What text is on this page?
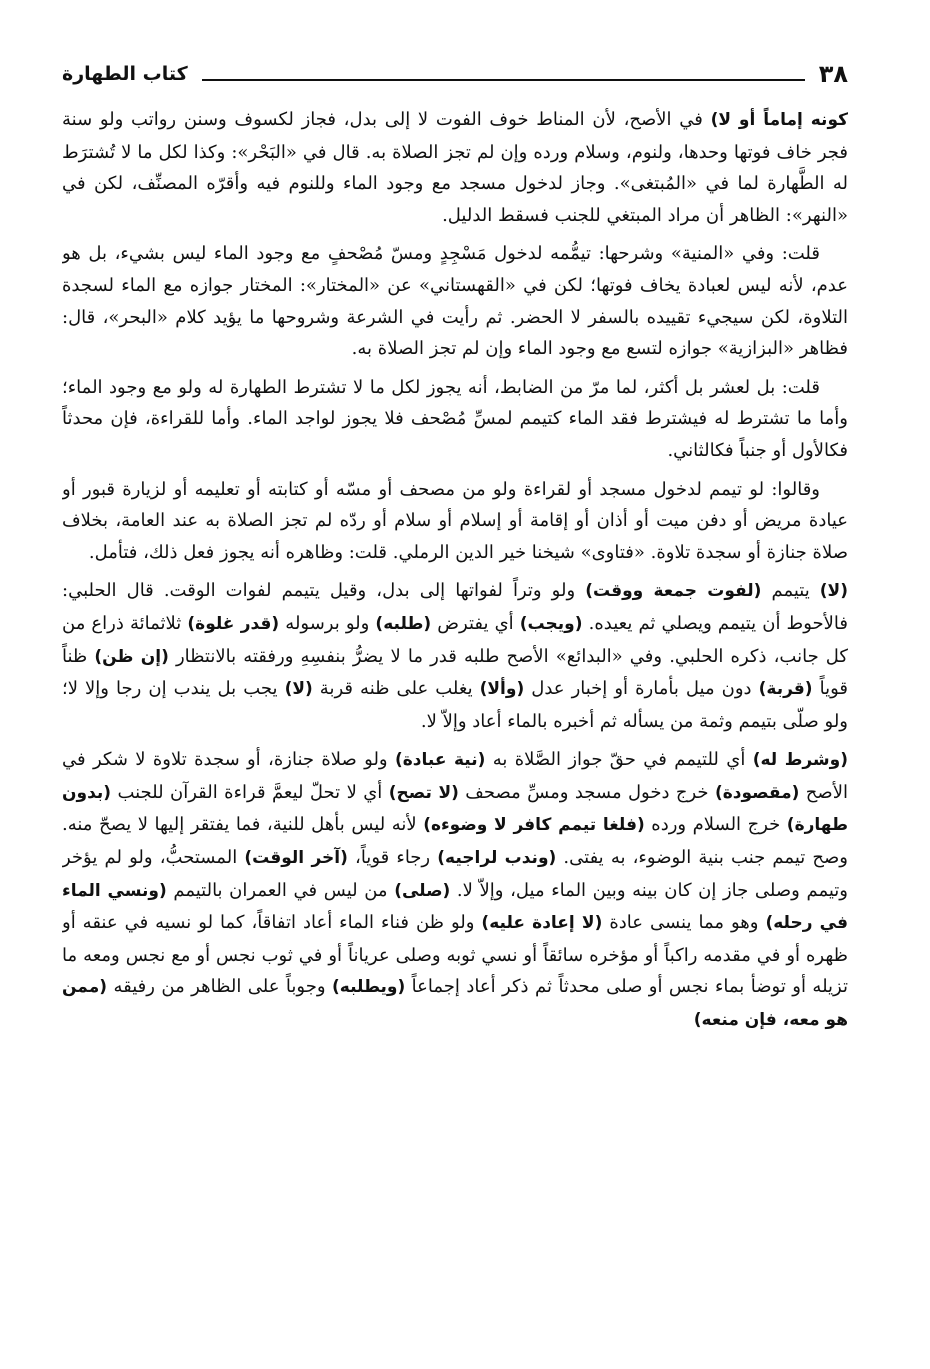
٣٨
كتاب الطهارة

كونه إماماً أو لا) في الأصح، لأن المناط خوف الفوت لا إلى بدل، فجاز لكسوف وسنن رواتب ولو سنة فجر خاف فوتها وحدها، ولنوم، وسلام ورده وإن لم تجز الصلاة به. قال في «البَحْر»: وكذا لكل ما لا تُشترَط له الطَّهارة لما في «المُبتغى». وجاز لدخول مسجد مع وجود الماء وللنوم فيه وأقرّه المصنِّف، لكن في «النهر»: الظاهر أن مراد المبتغي للجنب فسقط الدليل.

قلت: وفي «المنية» وشرحها: تيمُّمه لدخول مَسْجِدٍ ومسّ مُصْحفٍ مع وجود الماء ليس بشيء، بل هو عدم، لأنه ليس لعبادة يخاف فوتها؛ لكن في «القهستاني» عن «المختار»: المختار جوازه مع الماء لسجدة التلاوة، لكن سيجيء تقييده بالسفر لا الحضر. ثم رأيت في الشرعة وشروحها ما يؤيد كلام «البحر»، قال: فظاهر «البزازية» جوازه لتسع مع وجود الماء وإن لم تجز الصلاة به.

قلت: بل لعشر بل أكثر، لما مرّ من الضابط، أنه يجوز لكل ما لا تشترط الطهارة له ولو مع وجود الماء؛ وأما ما تشترط له فيشترط فقد الماء كتيمم لمسِّ مُصْحف فلا يجوز لواجد الماء. وأما للقراءة، فإن محدثاً فكالأول أو جنباً فكالثاني.

وقالوا: لو تيمم لدخول مسجد أو لقراءة ولو من مصحف أو مسّه أو كتابته أو تعليمه أو لزيارة قبور أو عيادة مريض أو دفن ميت أو أذان أو إقامة أو إسلام أو سلام أو ردّه لم تجز الصلاة به عند العامة، بخلاف صلاة جنازة أو سجدة تلاوة. «فتاوى» شيخنا خير الدين الرملي. قلت: وظاهره أنه يجوز فعل ذلك، فتأمل.

(لا) يتيمم (لفوت جمعة ووقت) ولو وتراً لفواتها إلى بدل، وقيل يتيمم لفوات الوقت. قال الحلبي: فالأحوط أن يتيمم ويصلي ثم يعيده. (ويجب) أي يفترض (طلبه) ولو برسوله (قدر غلوة) ثلاثمائة ذراع من كل جانب، ذكره الحلبي. وفي «البدائع» الأصح طلبه قدر ما لا يضرُّ بنفسِهِ ورفقته بالانتظار (إن ظن) ظناً قوياً (قربة) دون ميل بأمارة أو إخبار عدل (وألا) يغلب على ظنه قربة (لا) يجب بل يندب إن رجا وإلا لا؛ ولو صلّى بتيمم وثمة من يسأله ثم أخبره بالماء أعاد وإلاّ لا.

(وشرط له) أي للتيمم في حقّ جواز الصَّلاة به (نية عبادة) ولو صلاة جنازة، أو سجدة تلاوة لا شكر في الأصح (مقصودة) خرج دخول مسجد ومسِّ مصحف (لا تصح) أي لا تحلّ ليعمَّ قراءة القرآن للجنب (بدون طهارة) خرج السلام ورده (فلغا تيمم كافر لا وضوءه) لأنه ليس بأهل للنية، فما يفتقر إليها لا يصحّ منه. وصح تيمم جنب بنية الوضوء، به يفتى. (وندب لراجيه) رجاء قوياً، (آخر الوقت) المستحبُّ، ولو لم يؤخر وتيمم وصلى جاز إن كان بينه وبين الماء ميل، وإلاّ لا. (صلى) من ليس في العمران بالتيمم (ونسي الماء في رحله) وهو مما ينسى عادة (لا إعادة عليه) ولو ظن فناء الماء أعاد اتفاقاً، كما لو نسيه في عنقه أو ظهره أو في مقدمه راكباً أو مؤخره سائقاً أو نسي ثوبه وصلى عرياناً أو في ثوب نجس أو مع نجس ومعه ما تزيله أو توضأ بماء نجس أو صلى محدثاً ثم ذكر أعاد إجماعاً (ويطلبه) وجوباً على الظاهر من رفيقه (ممن هو معه، فإن منعه)
